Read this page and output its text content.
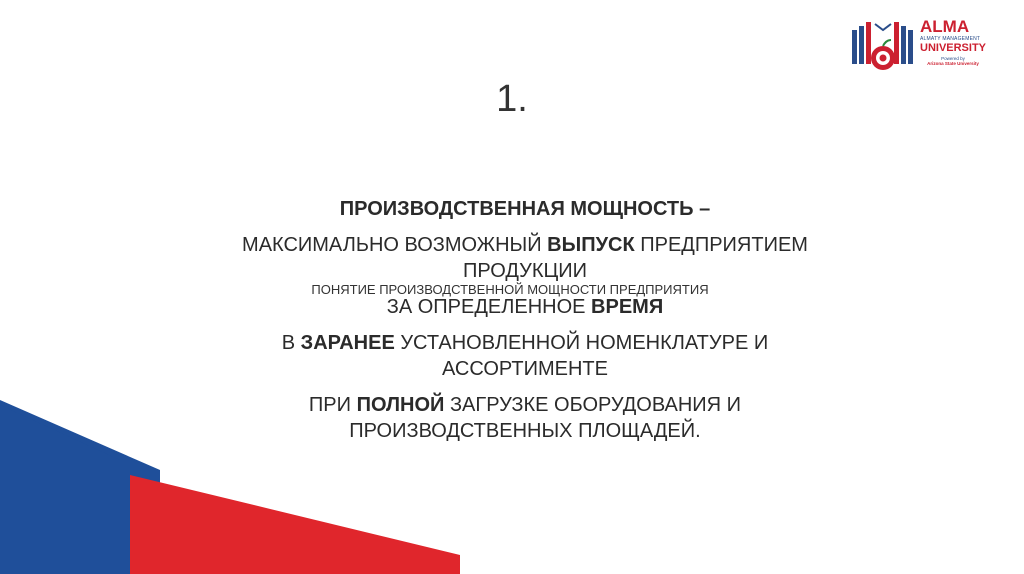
ALMA
ALMATY MANAGEMENT
UNIVERSITY
Powered by
Arizona State University
1.
ПРОИЗВОДСТВЕННАЯ МОЩНОСТЬ –
МАКСИМАЛЬНО ВОЗМОЖНЫЙ ВЫПУСК ПРЕДПРИЯТИЕМ ПРОДУКЦИИ
ЗА ОПРЕДЕЛЕННОЕ ВРЕМЯ
В ЗАРАНЕЕ УСТАНОВЛЕННОЙ НОМЕНКЛАТУРЕ И АССОРТИМЕНТЕ
ПРИ ПОЛНОЙ ЗАГРУЗКЕ ОБОРУДОВАНИЯ И ПРОИЗВОДСТВЕННЫХ ПЛОЩАДЕЙ.
ПОНЯТИЕ ПРОИЗВОДСТВЕННОЙ МОЩНОСТИ ПРЕДПРИЯТИЯ
